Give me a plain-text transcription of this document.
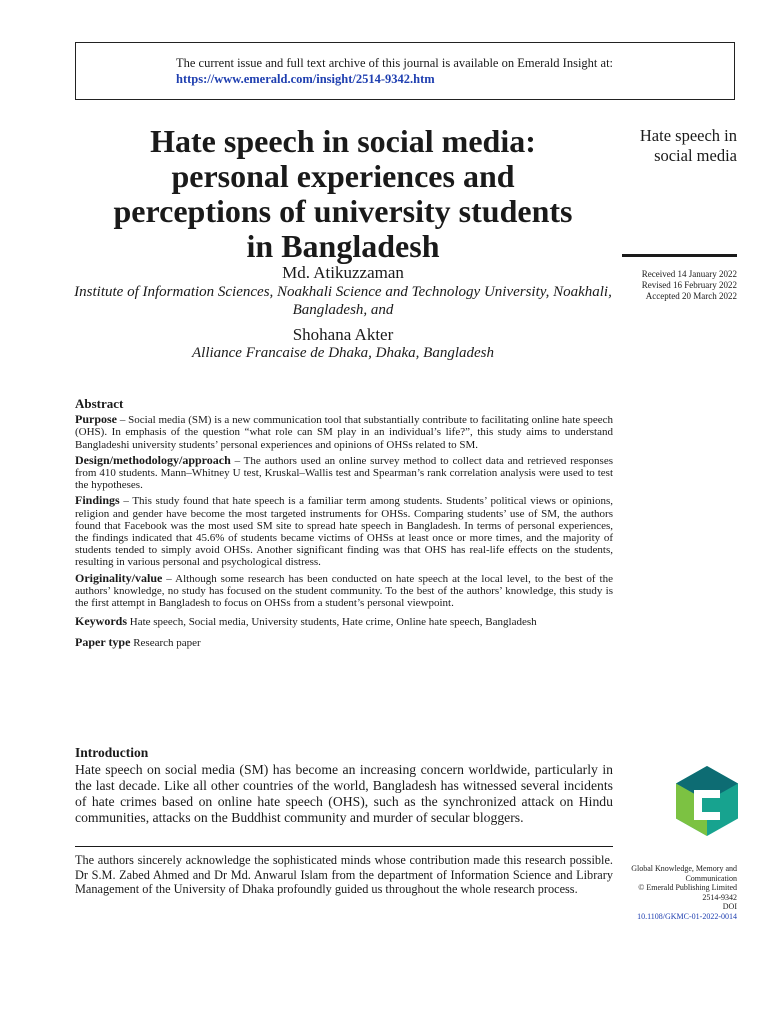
The current issue and full text archive of this journal is available on Emerald Insight at:
https://www.emerald.com/insight/2514-9342.htm
Hate speech in social media:
personal experiences and
perceptions of university students
in Bangladesh
Hate speech in
social media
Received 14 January 2022
Revised 16 February 2022
Accepted 20 March 2022
Md. Atikuzzaman
Institute of Information Sciences, Noakhali Science and Technology University, Noakhali, Bangladesh, and
Shohana Akter
Alliance Francaise de Dhaka, Dhaka, Bangladesh
Abstract

Purpose – Social media (SM) is a new communication tool that substantially contribute to facilitating online hate speech (OHS). In emphasis of the question “what role can SM play in an individual’s life?”, this study aims to understand Bangladeshi university students’ personal experiences and opinions of OHSs related to SM.

Design/methodology/approach – The authors used an online survey method to collect data and retrieved responses from 410 students. Mann–Whitney U test, Kruskal–Wallis test and Spearman’s rank correlation analysis were used to test the hypotheses.

Findings – This study found that hate speech is a familiar term among students. Students’ political views or opinions, religion and gender have become the most targeted instruments for OHSs. Comparing students’ use of SM, the authors found that Facebook was the most used SM site to spread hate speech in Bangladesh. In terms of personal experiences, the findings indicated that 45.6% of students became victims of OHSs at least once or more times, and the majority of students tended to simply avoid OHSs. Another significant finding was that OHS has real-life effects on the students, resulting in various personal and psychological distress.

Originality/value – Although some research has been conducted on hate speech at the local level, to the best of the authors’ knowledge, no study has focused on the student community. To the best of the authors’ knowledge, this study is the first attempt in Bangladesh to focus on OHSs from a student’s personal viewpoint.

Keywords Hate speech, Social media, University students, Hate crime, Online hate speech, Bangladesh

Paper type Research paper

Introduction
Hate speech on social media (SM) has become an increasing concern worldwide, particularly in the last decade. Like all other countries of the world, Bangladesh has witnessed several incidents of hate crimes based on online hate speech (OHS), such as the synchronized attack on Hindu communities, attacks on the Buddhist community and murder of secular bloggers.
The authors sincerely acknowledge the sophisticated minds whose contribution made this research possible. Dr S.M. Zabed Ahmed and Dr Md. Anwarul Islam from the department of Information Science and Library Management of the University of Dhaka profoundly guided us throughout the whole research process.
Global Knowledge, Memory and
Communication
© Emerald Publishing Limited
2514-9342
DOI
10.1108/GKMC-01-2022-0014
